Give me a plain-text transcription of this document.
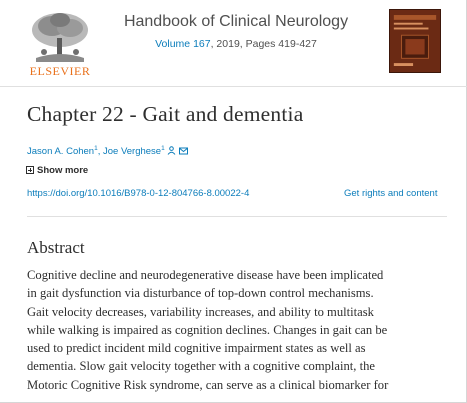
ELSEVIER
Handbook of Clinical Neurology
Volume 167, 2019, Pages 419-427
Chapter 22 - Gait and dementia
Jason A. Cohen$^1$, Joe Verghese$^1$
Show more
https://doi.org/10.1016/B978-0-12-804766-8.00022-4	Get rights and content
Abstract
Cognitive decline and neurodegenerative disease have been implicated
in gait dysfunction via disturbance of top-down control mechanisms.
Gait velocity decreases, variability increases, and ability to multitask
while walking is impaired as cognition declines. Changes in gait can be
used to predict incident mild cognitive impairment states as well as
dementia. Slow gait velocity together with a cognitive complaint, the
Motoric Cognitive Risk syndrome, can serve as a clinical biomarker for
